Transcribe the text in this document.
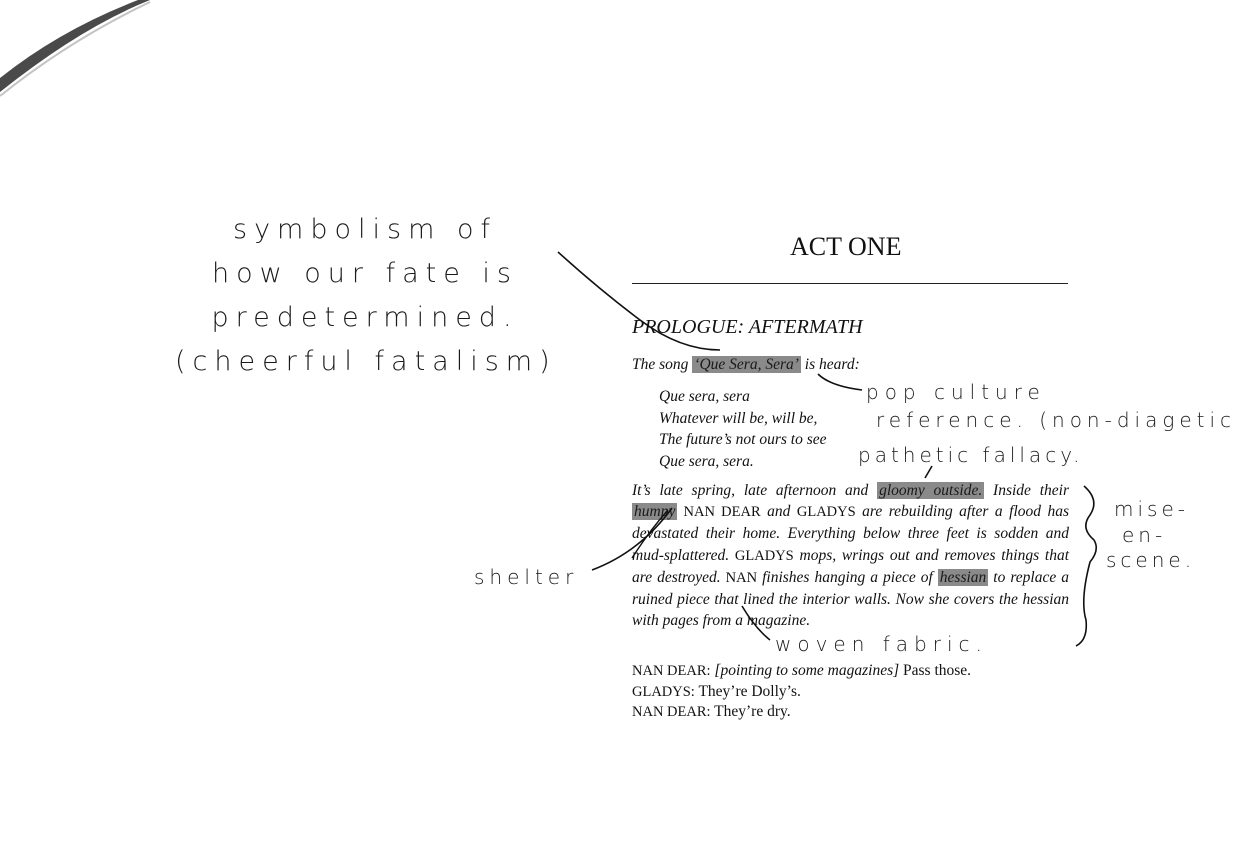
symbolism of
how our fate is
predetermined.
(cheerful fatalism)
ACT ONE
PROLOGUE: AFTERMATH
The song ‘Que Sera, Sera’ is heard:
Que sera, sera
Whatever will be, will be,
The future’s not ours to see
Que sera, sera.
It’s late spring, late afternoon and gloomy outside. Inside their humpy NAN DEAR and GLADYS are rebuilding after a flood has devastated their home. Everything below three feet is sodden and mud-splattered. GLADYS mops, wrings out and removes things that are destroyed. NAN finishes hanging a piece of hessian to replace a ruined piece that lined the interior walls. Now she covers the hessian with pages from a magazine.
NAN DEAR: [pointing to some magazines] Pass those.
GLADYS: They’re Dolly’s.
NAN DEAR: They’re dry.
pop culture
reference. (non-diagetic
pathetic fallacy.
shelter
woven fabric.
mise-
en-
scene.
